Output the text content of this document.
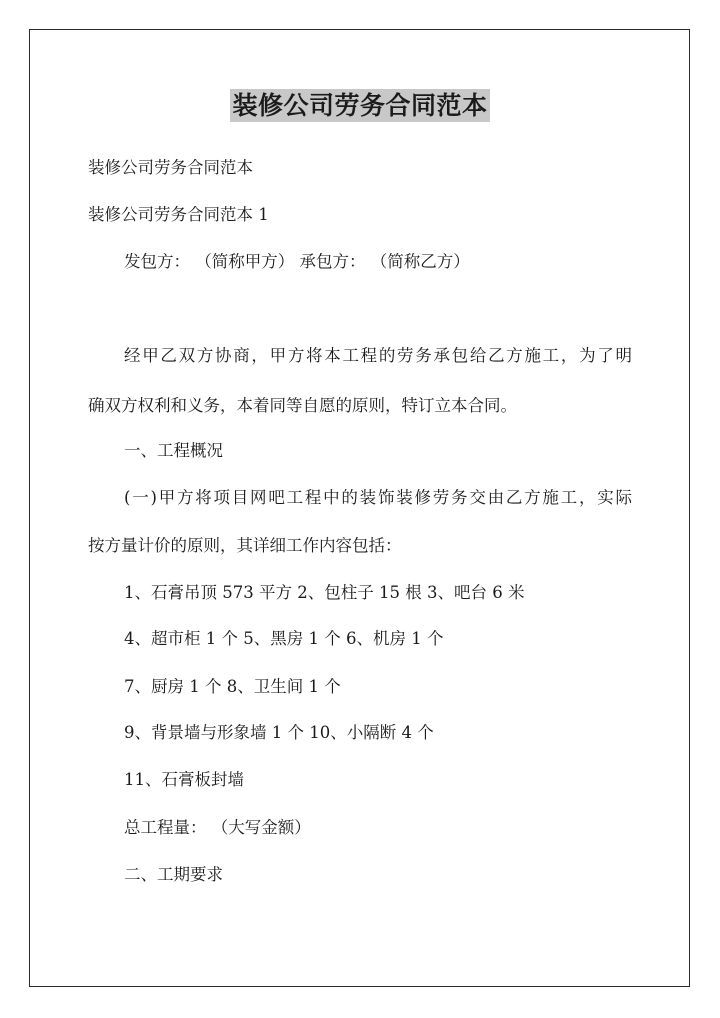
装修公司劳务合同范本
装修公司劳务合同范本
装修公司劳务合同范本 1
发包方： （简称甲方） 承包方： （简称乙方）
经甲乙双方协商，甲方将本工程的劳务承包给乙方施工，为了明
确双方权利和义务，本着同等自愿的原则，特订立本合同。
一、工程概况
(一)甲方将项目网吧工程中的装饰装修劳务交由乙方施工，实际
按方量计价的原则，其详细工作内容包括：
1、石膏吊顶 573 平方 2、包柱子 15 根 3、吧台 6 米
4、超市柜 1 个 5、黑房 1 个 6、机房 1 个
7、厨房 1 个 8、卫生间 1 个
9、背景墙与形象墙 1 个 10、小隔断 4 个
11、石膏板封墙
总工程量： （大写金额）
二、工期要求
